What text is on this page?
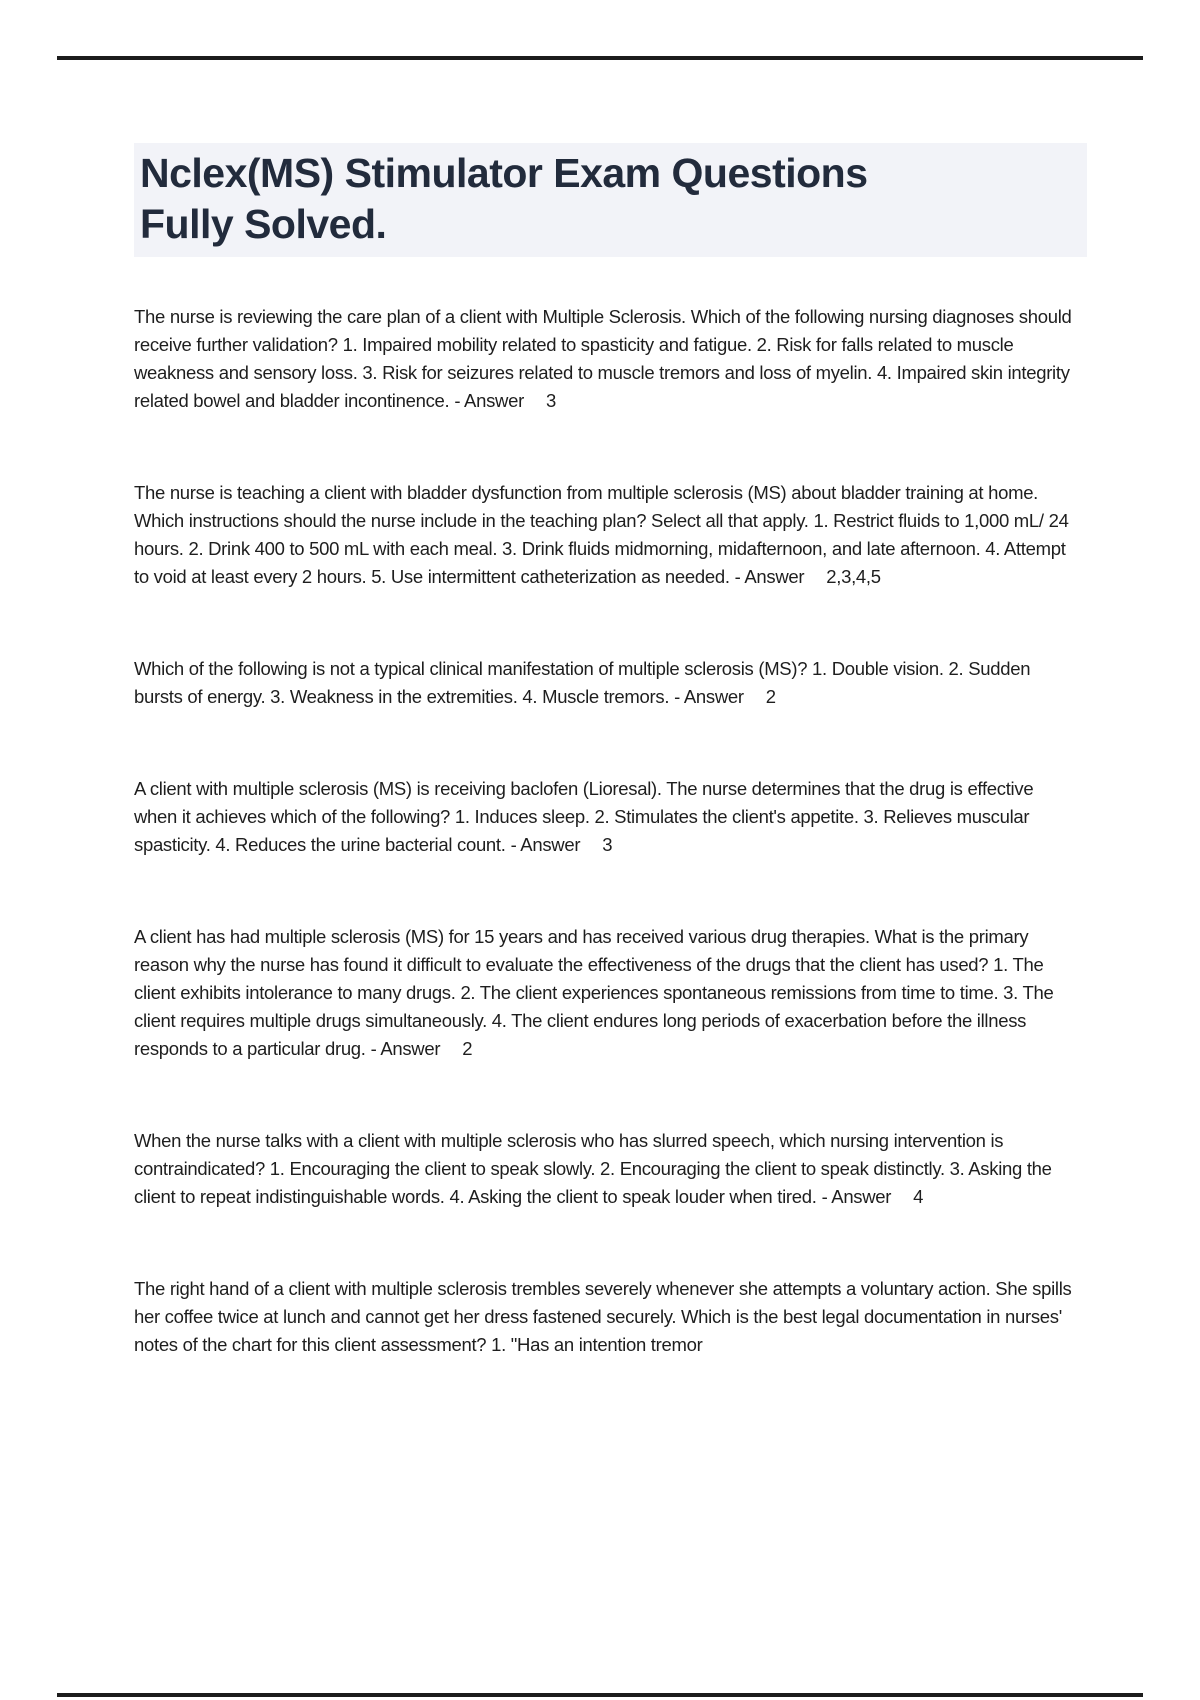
Nclex(MS) Stimulator Exam Questions
Fully Solved.
The nurse is reviewing the care plan of a client with Multiple Sclerosis. Which of the following nursing diagnoses should receive further validation? 1. Impaired mobility related to spasticity and fatigue. 2. Risk for falls related to muscle weakness and sensory loss. 3. Risk for seizures related to muscle tremors and loss of myelin. 4. Impaired skin integrity related bowel and bladder incontinence. - Answer 3
The nurse is teaching a client with bladder dysfunction from multiple sclerosis (MS) about bladder training at home. Which instructions should the nurse include in the teaching plan? Select all that apply. 1. Restrict fluids to 1,000 mL/ 24 hours. 2. Drink 400 to 500 mL with each meal. 3. Drink fluids midmorning, midafternoon, and late afternoon. 4. Attempt to void at least every 2 hours. 5. Use intermittent catheterization as needed. - Answer 2,3,4,5
Which of the following is not a typical clinical manifestation of multiple sclerosis (MS)? 1. Double vision. 2. Sudden bursts of energy. 3. Weakness in the extremities. 4. Muscle tremors. - Answer 2
A client with multiple sclerosis (MS) is receiving baclofen (Lioresal). The nurse determines that the drug is effective when it achieves which of the following? 1. Induces sleep. 2. Stimulates the client's appetite. 3. Relieves muscular spasticity. 4. Reduces the urine bacterial count. - Answer 3
A client has had multiple sclerosis (MS) for 15 years and has received various drug therapies. What is the primary reason why the nurse has found it difficult to evaluate the effectiveness of the drugs that the client has used? 1. The client exhibits intolerance to many drugs. 2. The client experiences spontaneous remissions from time to time. 3. The client requires multiple drugs simultaneously. 4. The client endures long periods of exacerbation before the illness responds to a particular drug. - Answer 2
When the nurse talks with a client with multiple sclerosis who has slurred speech, which nursing intervention is contraindicated? 1. Encouraging the client to speak slowly. 2. Encouraging the client to speak distinctly. 3. Asking the client to repeat indistinguishable words. 4. Asking the client to speak louder when tired. - Answer 4
The right hand of a client with multiple sclerosis trembles severely whenever she attempts a voluntary action. She spills her coffee twice at lunch and cannot get her dress fastened securely. Which is the best legal documentation in nurses' notes of the chart for this client assessment? 1. "Has an intention tremor
